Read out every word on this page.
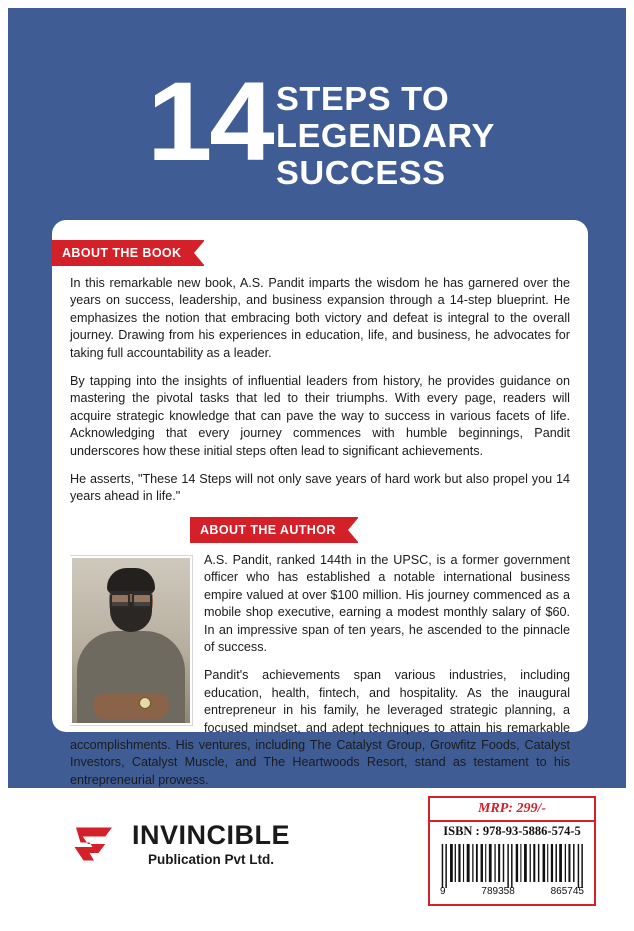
14 STEPS TO
LEGENDARY
SUCCESS
ABOUT THE BOOK

In this remarkable new book, A.S. Pandit imparts the wisdom he has garnered over the years on success, leadership, and business expansion through a 14-step blueprint. He emphasizes the notion that embracing both victory and defeat is integral to the overall journey. Drawing from his experiences in education, life, and business, he advocates for taking full accountability as a leader.

By tapping into the insights of influential leaders from history, he provides guidance on mastering the pivotal tasks that led to their triumphs. With every page, readers will acquire strategic knowledge that can pave the way to success in various facets of life. Acknowledging that every journey commences with humble beginnings, Pandit underscores how these initial steps often lead to significant achievements.

He asserts, "These 14 Steps will not only save years of hard work but also propel you 14 years ahead in life."

ABOUT THE AUTHOR

A.S. Pandit, ranked 144th in the UPSC, is a former government officer who has established a notable international business empire valued at over $100 million. His journey commenced as a mobile shop executive, earning a modest monthly salary of $60. In an impressive span of ten years, he ascended to the pinnacle of success.

Pandit's achievements span various industries, including education, health, fintech, and hospitality. As the inaugural entrepreneur in his family, he leveraged strategic planning, a focused mindset, and adept techniques to attain his remarkable accomplishments. His ventures, including The Catalyst Group, Growfitz Foods, Catalyst Investors, Catalyst Muscle, and The Heartwoods Resort, stand as testament to his entrepreneurial prowess.

INVINCIBLE
Publication Pvt Ltd.
MRP: 299/-
ISBN : 978-93-5886-574-5
9	789358	865745
